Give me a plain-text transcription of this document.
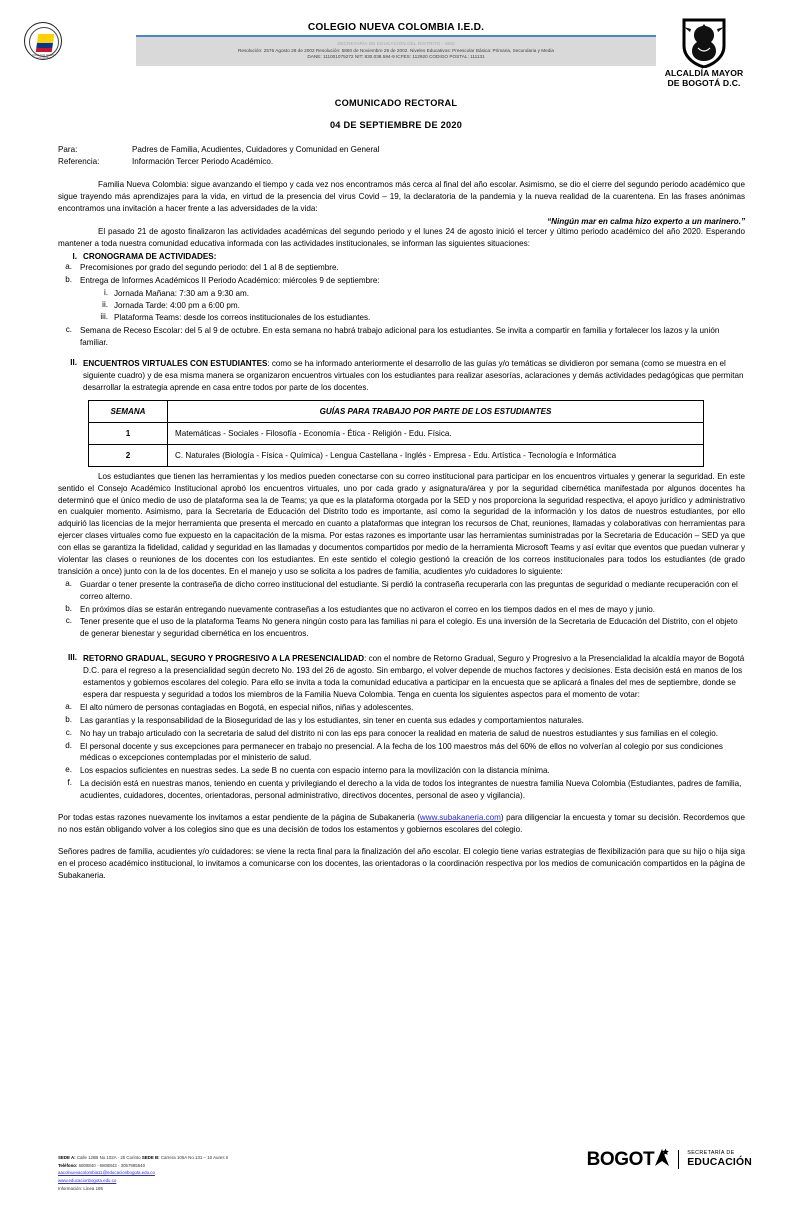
COLEGIO NUEVA COLOMBIA
COLEGIO NUEVA COLOMBIA I.E.D.
SECRETARÍA DE EDUCACIÓN DEL DISTRITO - SED
Resolución: 2576 Agosto 28 de 2002 Resolución: 5860 de Noviembre 29 de 2002. Niveles Educativos: Preescolar Básica: Primaria, Secundaria y Media
DANE: 111001075272 NIT: 830.038.594-9 ICFES: 112920 CODIGO POSTAL: 111131
ALCALDÍA MAYOR
DE BOGOTÁ D.C.
COMUNICADO RECTORAL
04 DE SEPTIEMBRE DE 2020
Para:	Padres de Familia, Acudientes, Cuidadores y Comunidad en General
Referencia:	Información Tercer Periodo Académico.

Familia Nueva Colombia: sigue avanzando el tiempo y cada vez nos encontramos más cerca al final del año escolar. Asimismo, se dio el cierre del segundo periodo académico que sigue trayendo más aprendizajes para la vida, en virtud de la presencia del virus Covid – 19, la declaratoria de la pandemia y la nueva realidad de la cuarentena. En las frases anónimas encontramos una invitación a hacer frente a las adversidades de la vida:

“Ningún mar en calma hizo experto a un marinero.”

El pasado 21 de agosto finalizaron las actividades académicas del segundo periodo y el lunes 24 de agosto inició el tercer y último periodo académico del año 2020. Esperando mantener a toda nuestra comunidad educativa informada con las actividades institucionales, se informan las siguientes situaciones:

I. CRONOGRAMA DE ACTIVIDADES:
a. Precomisiones por grado del segundo periodo: del 1 al 8 de septiembre.
b. Entrega de Informes Académicos II Periodo Académico: miércoles 9 de septiembre:
i. Jornada Mañana: 7:30 am a 9:30 am.
ii. Jornada Tarde: 4:00 pm a 6:00 pm.
iii. Plataforma Teams: desde los correos institucionales de los estudiantes.
c. Semana de Receso Escolar: del 5 al 9 de octubre. En esta semana no habrá trabajo adicional para los estudiantes. Se invita a compartir en familia y fortalecer los lazos y la unión familiar.
II. ENCUENTROS VIRTUALES CON ESTUDIANTES: como se ha informado anteriormente el desarrollo de las guías y/o temáticas se dividieron por semana (como se muestra en el siguiente cuadro) y de esa misma manera se organizaron encuentros virtuales con los estudiantes para realizar asesorías, aclaraciones y demás actividades pedagógicas que permitan desarrollar la estrategia aprende en casa entre todos por parte de los docentes.
SEMANA	GUÍAS PARA TRABAJO POR PARTE DE LOS ESTUDIANTES
1	Matemáticas - Sociales - Filosofía - Economía - Ética - Religión - Edu. Física.
2	C. Naturales (Biología - Física - Química) - Lengua Castellana - Inglés - Empresa - Edu. Artística - Tecnología e Informática

Los estudiantes que tienen las herramientas y los medios pueden conectarse con su correo institucional para participar en los encuentros virtuales y generar la seguridad. En este sentido el Consejo Académico Institucional aprobó los encuentros virtuales, uno por cada grado y asignatura/área y por la seguridad cibernética manifestada por algunos docentes ha determinó que el único medio de uso de plataforma sea la de Teams; ya que es la plataforma otorgada por la SED y nos proporciona la seguridad respectiva, el apoyo jurídico y administrativo en cualquier momento. Asimismo, para la Secretaria de Educación del Distrito todo es importante, así como la seguridad de la información y los datos de nuestros estudiantes, por ello adquirió las licencias de la mejor herramienta que presenta el mercado en cuanto a plataformas que integran los recursos de Chat, reuniones, llamadas y colaborativas con herramientas para ejercer clases virtuales como fue expuesto en la capacitación de la misma. Por estas razones es importante usar las herramientas suministradas por la Secretaria de Educación – SED ya que con ellas se garantiza la fidelidad, calidad y seguridad en las llamadas y documentos compartidos por medio de la herramienta Microsoft Teams y así evitar que eventos que puedan vulnerar y violentar las clases o reuniones de los docentes con los estudiantes. En este sentido el colegio gestionó la creación de los correos institucionales para todos los estudiantes (de grado transición a once) junto con la de los docentes. En el manejo y uso se solicita a los padres de familia, acudientes y/o cuidadores lo siguiente:

a. Guardar o tener presente la contraseña de dicho correo institucional del estudiante. Si perdió la contraseña recuperarla con las preguntas de seguridad o mediante recuperación con el correo alterno.
b. En próximos días se estarán entregando nuevamente contraseñas a los estudiantes que no activaron el correo en los tiempos dados en el mes de mayo y junio.
c. Tener presente que el uso de la plataforma Teams No genera ningún costo para las familias ni para el colegio. Es una inversión de la Secretaria de Educación del Distrito, con el objeto de generar bienestar y seguridad cibernética en los encuentros.
III. RETORNO GRADUAL, SEGURO Y PROGRESIVO A LA PRESENCIALIDAD: con el nombre de Retorno Gradual, Seguro y Progresivo a la Presencialidad la alcaldía mayor de Bogotá D.C. para el regreso a la presencialidad según decreto No. 193 del 26 de agosto. Sin embargo, el volver depende de muchos factores y decisiones. Esta decisión está en manos de los estamentos y gobiernos escolares del colegio. Para ello se invita a toda la comunidad educativa a participar en la encuesta que se aplicará a finales del mes de septiembre, donde se espera dar respuesta y seguridad a todos los miembros de la Familia Nueva Colombia. Tenga en cuenta los siguientes aspectos para el momento de votar:
a. El alto número de personas contagiadas en Bogotá, en especial niños, niñas y adolescentes.
b. Las garantías y la responsabilidad de la Bioseguridad de las y los estudiantes, sin tener en cuenta sus edades y comportamientos naturales.
c. No hay un trabajo articulado con la secretaria de salud del distrito ni con las eps para conocer la realidad en materia de salud de nuestros estudiantes y sus familias en el colegio.
d. El personal docente y sus excepciones para permanecer en trabajo no presencial. A la fecha de los 100 maestros más del 60% de ellos no volverían al colegio por sus condiciones médicas o excepciones contempladas por el ministerio de salud.
e. Los espacios suficientes en nuestras sedes. La sede B no cuenta con espacio interno para la movilización con la distancia mínima.
f. La decisión está en nuestras manos, teniendo en cuenta y privilegiando el derecho a la vida de todos los integrantes de nuestra familia Nueva Colombia (Estudiantes, padres de familia, acudientes, cuidadores, docentes, orientadoras, personal administrativo, directivos docentes, personal de aseo y vigilancia).

Por todas estas razones nuevamente los invitamos a estar pendiente de la página de Subakaneria (www.subakaneria.com) para diligenciar la encuesta y tomar su decisión. Recordemos que no nos están obligando volver a los colegios sino que es una decisión de todos los estamentos y gobiernos escolares del colegio.

Señores padres de familia, acudientes y/o cuidadores: se viene la recta final para la finalización del año escolar. El colegio tiene varias estrategias de flexibilización para que su hijo o hija siga en el proceso académico institucional, lo invitamos a comunicarse con los docentes, las orientadoras o la coordinación respectiva por los medios de comunicación compartidos en la página de Subakaneria.

SEDE A: Calle 128B No.102A - 25 Corinto SEDE B: Carrera 105A No.131 – 10 Aures II
Teléfono: 6808840 - 6808843 - 3057985540
aacolnuevacolombia11@educacionbogota.edu.co
www.educacionbogota.edu.co
Información: Línea 195
BOGOT	SECRETARÍA DE
EDUCACIÓN
